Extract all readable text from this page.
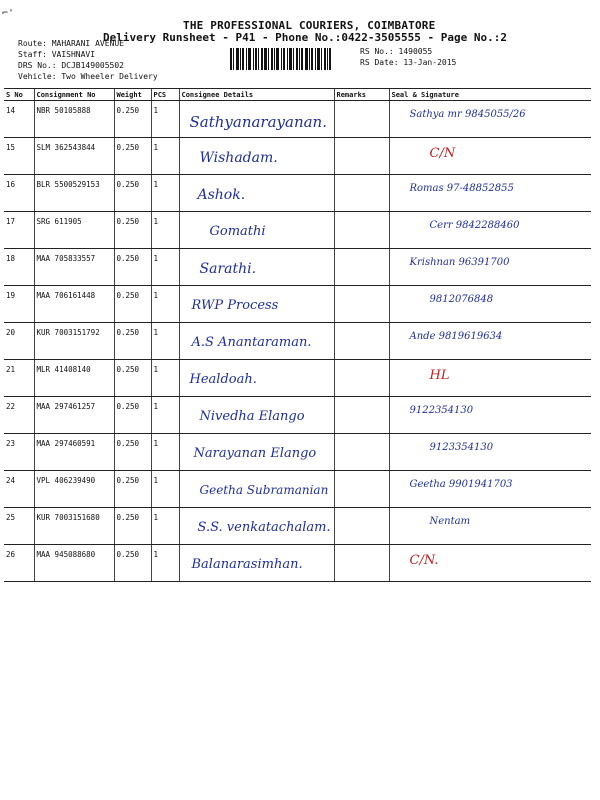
⌐'
THE PROFESSIONAL COURIERS, COIMBATORE
Delivery Runsheet - P41 - Phone No.:0422-3505555 - Page No.:2
Route: MAHARANI AVENUE
Staff: VAISHNAVI
DRS No.: DCJB149005502
Vehicle: Two Wheeler Delivery
RS No.: 1490055
RS Date: 13-Jan-2015
S No	Consignment No	Weight	PCS	Consignee Details	Remarks	Seal & Signature
14	NBR 50105888	0.250	1	Sathyanarayanan.		Sathya mr 9845055/26

15	SLM 362543844	0.250	1	Wishadam.		C/N

16	BLR 5500529153	0.250	1	Ashok.		Romas 97-48852855

17	SRG 611905	0.250	1	Gomathi		Cerr 9842288460

18	MAA 705833557	0.250	1	Sarathi.		Krishnan 96391700

19	MAA 706161448	0.250	1	RWP Process		9812076848

20	KUR 7003151792	0.250	1	A.S Anantaraman.		Ande 9819619634

21	MLR 41408140	0.250	1	Healdoah.		HL

22	MAA 297461257	0.250	1	Nivedha Elango		9122354130

23	MAA 297460591	0.250	1	Narayanan Elango		9123354130

24	VPL 406239490	0.250	1	Geetha Subramanian		Geetha 9901941703

25	KUR 7003151680	0.250	1	S.S. venkatachalam.		Nentam

26	MAA 945088680	0.250	1	Balanarasimhan.		C/N.
